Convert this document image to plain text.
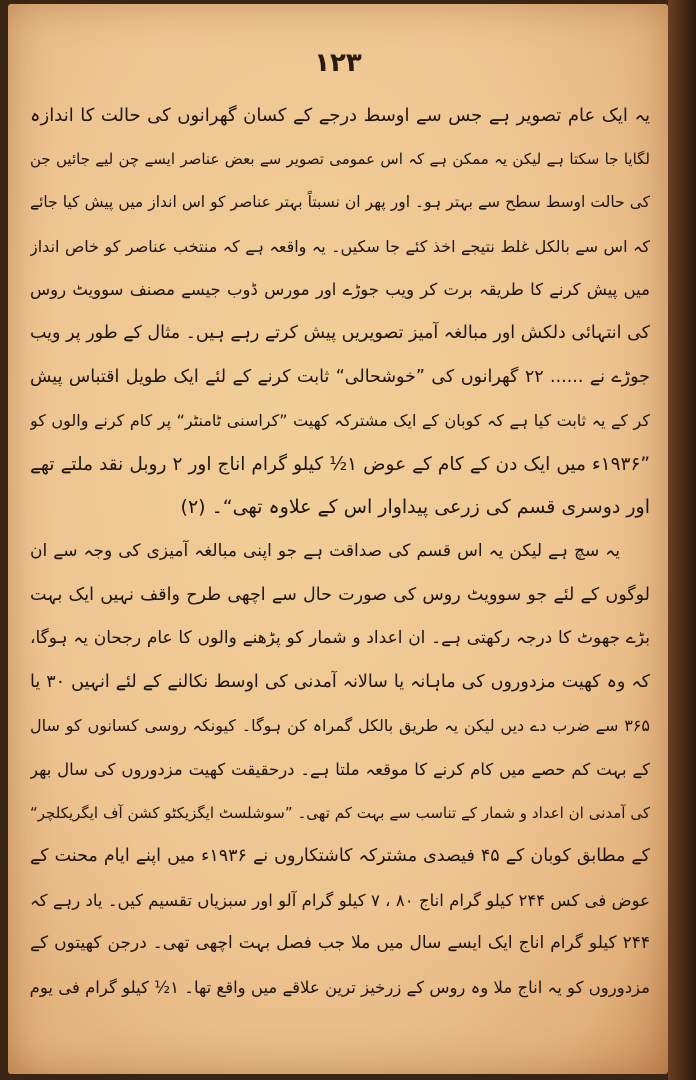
۱۲۳
یہ ایک عام تصویر ہے جس سے اوسط درجے کے کسان گھرانوں کی حالت کا اندازہ
لگایا جا سکتا ہے لیکن یہ ممکن ہے کہ اس عمومی تصویر سے بعض عناصر ایسے چن لیے جائیں جن
کی حالت اوسط سطح سے بہتر ہو۔ اور پھر ان نسبتاً بہتر عناصر کو اس انداز میں پیش کیا جائے
کہ اس سے بالکل غلط نتیجے اخذ کئے جا سکیں۔ یہ واقعہ ہے کہ منتخب عناصر کو خاص انداز
میں پیش کرنے کا طریقہ برت کر ویب جوڑے اور مورس ڈوب جیسے مصنف سوویٹ روس
کی انتہائی دلکش اور مبالغہ آمیز تصویریں پیش کرتے رہے ہیں۔ مثال کے طور پر ویب
جوڑے نے ...... ۲۲ گھرانوں کی ”خوشحالی“ ثابت کرنے کے لئے ایک طویل اقتباس پیش
کر کے یہ ثابت کیا ہے کہ کوبان کے ایک مشترکہ کھیت ”کراسنی ٹامنٹر“ پر کام کرنے والوں کو
”۱۹۳۶ء میں ایک دن کے کام کے عوض ۱½ کیلو گرام اناج اور ۲ روبل نقد ملتے تھے
اور دوسری قسم کی زرعی پیداوار اس کے علاوہ تھی“۔ (۲)
یہ سچ ہے لیکن یہ اس قسم کی صداقت ہے جو اپنی مبالغہ آمیزی کی وجہ سے ان
لوگوں کے لئے جو سوویٹ روس کی صورت حال سے اچھی طرح واقف نہیں ایک بہت
بڑے جھوٹ کا درجہ رکھتی ہے۔ ان اعداد و شمار کو پڑھنے والوں کا عام رجحان یہ ہوگا،
کہ وہ کھیت مزدوروں کی ماہانہ یا سالانہ آمدنی کی اوسط نکالنے کے لئے انہیں ۳۰ یا
۳۶۵ سے ضرب دے دیں لیکن یہ طریق بالکل گمراہ کن ہوگا۔ کیونکہ روسی کسانوں کو سال
کے بہت کم حصے میں کام کرنے کا موقعہ ملتا ہے۔ درحقیقت کھیت مزدوروں کی سال بھر
کی آمدنی ان اعداد و شمار کے تناسب سے بہت کم تھی۔ ”سوشلسٹ ایگزیکٹو کشن آف ایگریکلچر“
کے مطابق کوبان کے ۴۵ فیصدی مشترکہ کاشتکاروں نے ۱۹۳۶ء میں اپنے ایام محنت کے
عوض فی کس ۲۴۴ کیلو گرام اناج ۸۰ ، ۷ کیلو گرام آلو اور سبزیاں تقسیم کیں۔ یاد رہے کہ
۲۴۴ کیلو گرام اناج ایک ایسے سال میں ملا جب فصل بہت اچھی تھی۔ درجن کھیتوں کے
مزدوروں کو یہ اناج ملا وہ روس کے زرخیز ترین علاقے میں واقع تھا۔ ۱½ کیلو گرام فی یوم
